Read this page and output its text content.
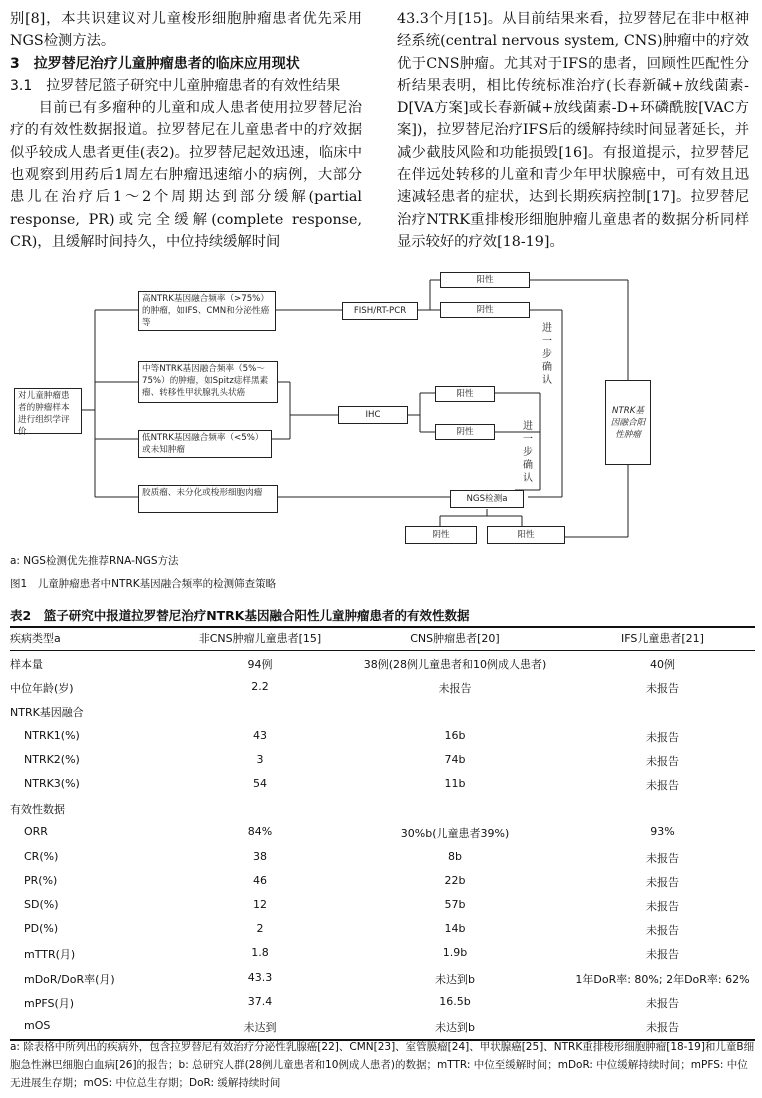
别[8]，本共识建议对儿童梭形细胞肿瘤患者优先采用NGS检测方法。

3　拉罗替尼治疗儿童肿瘤患者的临床应用现状

3.1　拉罗替尼篮子研究中儿童肿瘤患者的有效性结果

目前已有多瘤种的儿童和成人患者使用拉罗替尼治疗的有效性数据报道。拉罗替尼在儿童患者中的疗效据似乎较成人患者更佳(表2)。拉罗替尼起效迅速，临床中也观察到用药后1周左右肿瘤迅速缩小的病例，大部分患儿在治疗后1～2个周期达到部分缓解(partial response, PR)或完全缓解(complete response, CR)，且缓解时间持久，中位持续缓解时间

43.3个月[15]。从目前结果来看，拉罗替尼在非中枢神经系统(central nervous system, CNS)肿瘤中的疗效优于CNS肿瘤。尤其对于IFS的患者，回顾性匹配性分析结果表明，相比传统标准治疗(长春新碱+放线菌素-D[VA方案]或长春新碱+放线菌素-D+环磷酰胺[VAC方案])，拉罗替尼治疗IFS后的缓解持续时间显著延长，并减少截肢风险和功能损毁[16]。有报道提示，拉罗替尼在伴远处转移的儿童和青少年甲状腺癌中，可有效且迅速减轻患者的症状，达到长期疾病控制[17]。拉罗替尼治疗NTRK重排梭形细胞肿瘤儿童患者的数据分析同样显示较好的疗效[18-19]。

对儿童肿瘤患者的肿瘤样本进行组织学评价
高NTRK基因融合频率（>75%）的肿瘤，如IFS、CMN和分泌性癌等
中等NTRK基因融合频率（5%～75%）的肿瘤，如Spitz痣样黑素瘤、转移性甲状腺乳头状癌
低NTRK基因融合频率（<5%）或未知肿瘤
胶质瘤、未分化或梭形细胞肉瘤
FISH/RT-PCR
IHC
NGS检测a
阳性
阴性
阳性
阴性
阴性	阳性
进一步确认
进一步确认
NTRK基因融合阳性肿瘤
a: NGS检测优先推荐RNA-NGS方法
图1　儿童肿瘤患者中NTRK基因融合频率的检测筛查策略
表2　篮子研究中报道拉罗替尼治疗NTRK基因融合阳性儿童肿瘤患者的有效性数据
疾病类型a	非CNS肿瘤儿童患者[15]	CNS肿瘤患者[20]	IFS儿童患者[21]
样本量	94例	38例(28例儿童患者和10例成人患者)	40例
中位年龄(岁)	2.2	未报告	未报告
NTRK基因融合
NTRK1(%)	43	16b	未报告
NTRK2(%)	3	74b	未报告
NTRK3(%)	54	11b	未报告
有效性数据
ORR	84%	30%b(儿童患者39%)	93%
CR(%)	38	8b	未报告
PR(%)	46	22b	未报告
SD(%)	12	57b	未报告
PD(%)	2	14b	未报告
mTTR(月)	1.8	1.9b	未报告
mDoR/DoR率(月)	43.3	未达到b	1年DoR率: 80%; 2年DoR率: 62%
mPFS(月)	37.4	16.5b	未报告
mOS	未达到	未达到b	未报告
a: 除表格中所列出的疾病外，包含拉罗替尼有效治疗分泌性乳腺癌[22]、CMN[23]、室管膜瘤[24]、甲状腺癌[25]、NTRK重排梭形细胞肿瘤[18-19]和儿童B细胞急性淋巴细胞白血病[26]的报告；b: 总研究人群(28例儿童患者和10例成人患者)的数据；mTTR: 中位至缓解时间；mDoR: 中位缓解持续时间；mPFS: 中位无进展生存期；mOS: 中位总生存期；DoR: 缓解持续时间
